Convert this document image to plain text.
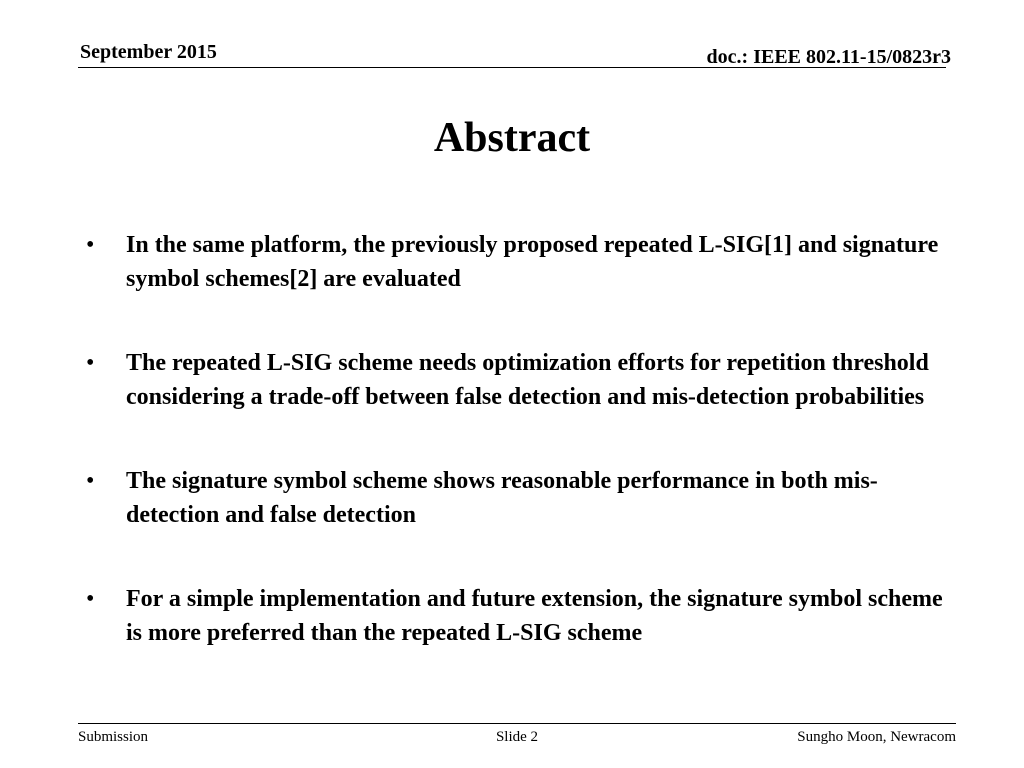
September 2015	doc.: IEEE 802.11-15/0823r3
Abstract
•	In the same platform, the previously proposed repeated L-SIG[1] and signature symbol schemes[2] are evaluated
•	The repeated L-SIG scheme needs optimization efforts for repetition threshold considering a trade-off between false detection and mis-detection probabilities
•	The signature symbol scheme shows reasonable performance in both mis-detection and false detection
•	For a simple implementation and future extension, the signature symbol scheme is more preferred than the repeated L-SIG scheme
Submission	Slide 2	Sungho Moon, Newracom
